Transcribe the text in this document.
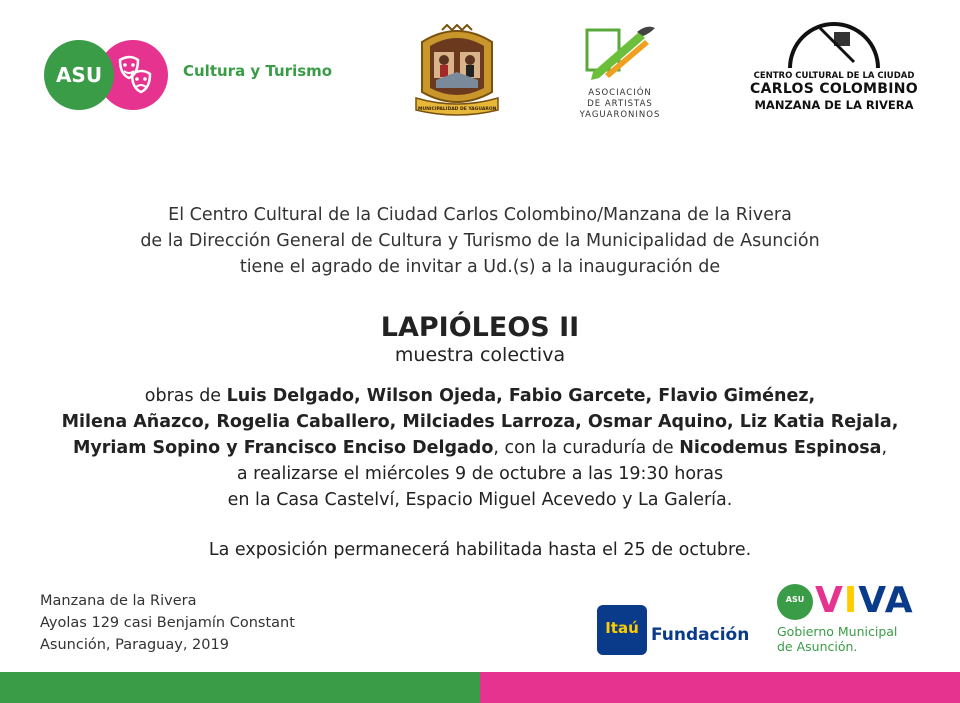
ASU	Cultura y Turismo
MUNICIPALIDAD DE YAGUARON
ASOCIACIÓN
DE ARTISTAS
YAGUARONINOS
CENTRO CULTURAL DE LA CIUDAD
CARLOS COLOMBINO
MANZANA DE LA RIVERA
El Centro Cultural de la Ciudad Carlos Colombino/Manzana de la Rivera
de la Dirección General de Cultura y Turismo de la Municipalidad de Asunción
tiene el agrado de invitar a Ud.(s) a la inauguración de
LAPIÓLEOS II
muestra colectiva
obras de Luis Delgado, Wilson Ojeda, Fabio Garcete, Flavio Giménez,
Milena Añazco, Rogelia Caballero, Milciades Larroza, Osmar Aquino, Liz Katia Rejala,
Myriam Sopino y Francisco Enciso Delgado, con la curaduría de Nicodemus Espinosa,
a realizarse el miércoles 9 de octubre a las 19:30 horas
en la Casa Castelví, Espacio Miguel Acevedo y La Galería.
La exposición permanecerá habilitada hasta el 25 de octubre.
Manzana de la Rivera
Ayolas 129 casi Benjamín Constant
Asunción, Paraguay, 2019
Itaú Fundación
ASU VIVA
Gobierno Municipal
de Asunción.
